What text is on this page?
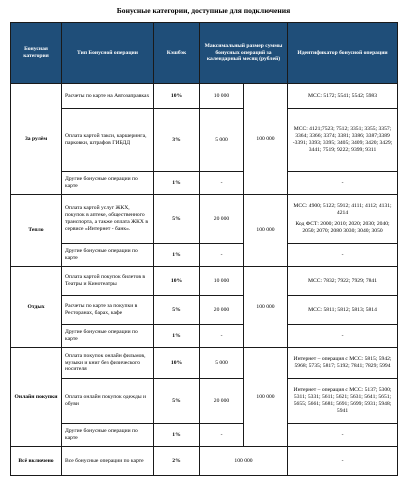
Бонусные категории, доступные для подключения
Бонусная категория	Тип Бонусной операции	Кэшбэк	Максимальный размер суммы бонусных операций за календарный месяц (рублей)		Идентификатор бонусной операции
За рулём	Расчеты по карте на Автозаправках	10%	10 000	100 000	MCC: 5172; 5541; 5542; 5983
	Оплата картой такси, каршеринга, парковки, штрафов ГИБДД	3%	5 000		MCC: 4121;7523; 7512; 3351; 3355; 3357; 3364; 3366; 3374; 3381; 3386; 3387;3389 -3391; 3393; 3395; 3405; 3409; 3420; 3429; 3441; 7519; 9222; 9399; 9311
	Другие бонусные операции по карте	1%	-		-
Тепло	Оплата картой услуг ЖКХ, покупок в аптеке, общественного транспорта, а также оплата ЖКХ в сервисе «Интернет - банк».	5%	20 000	100 000	MCC: 4900; 5122; 5912; 4111; 4112; 4131; 4214
Код ФСТ: 2000; 2010; 2020; 2030; 2040; 2050; 2070; 2080 3030; 3040; 3050

	Другие бонусные операции по карте	1%	-		-
Отдых	Оплата картой покупок билетов в Театры и Кинотеатры	10%	10 000	100 000	MCC: 7832; 7922; 7929; 7841
	Расчеты по карте за покупки в Ресторанах, барах, кафе	5%	20 000		MCC: 5811; 5812; 5813; 5814
	Другие бонусные операции по карте	1%	-		-
Онлайн покупки	Оплата покупок онлайн фильмов, музыки и книг без физического носителя	10%	5 000	100 000	Интернет – операция с MCC: 5815; 5942; 5968; 5735; 5817; 5192; 7841; 7829; 5994
	Оплата онлайн покупок одежды и обуви	5%	20 000		Интернет – операция с MCC: 5137; 5300; 5311; 5331; 5611; 5621; 5631; 5641; 5651; 5655; 5661; 5681; 5691; 5699; 5931; 5948; 5941
	Другие бонусные операции по карте	1%	-		-
Всё включено	Все бонусные операции по карте	2%	100 000		-
